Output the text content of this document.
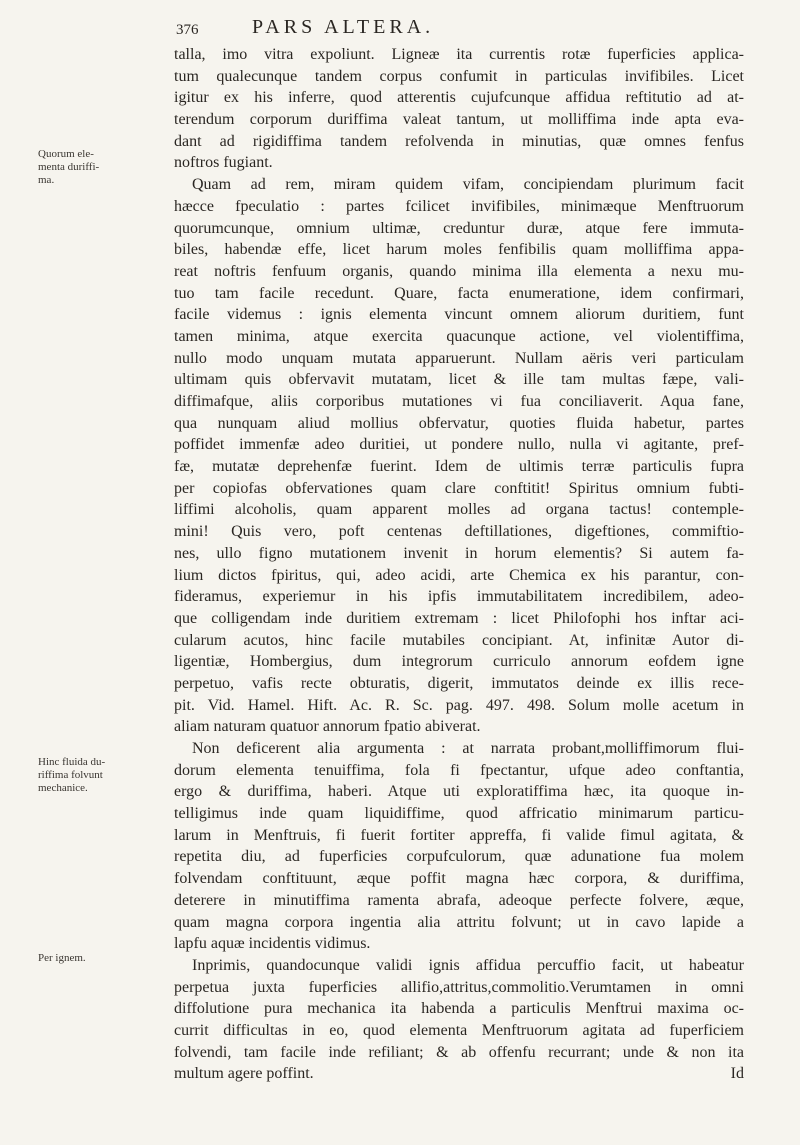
376	PARS ALTERA.
Quorum ele-
menta duriffi-
ma.
Hinc fluida du-
riffima folvunt
mechanice.
Per ignem.
talla, imo vitra expoliunt. Ligneæ ita currentis rotæ fuperficies applica-
tum qualecunque tandem corpus confumit in particulas invifibiles. Licet
igitur ex his inferre, quod atterentis cujufcunque affidua reftitutio ad at-
terendum corporum duriffima valeat tantum, ut molliffima inde apta eva-
dant ad rigidiffima tandem refolvenda in minutias, quæ omnes fenfus
noftros fugiant.
Quam ad rem, miram quidem vifam, concipiendam plurimum facit
hæcce fpeculatio : partes fcilicet invifibiles, minimæque Menftruorum
quorumcunque, omnium ultimæ, creduntur duræ, atque fere immuta-
biles, habendæ effe, licet harum moles fenfibilis quam molliffima appa-
reat noftris fenfuum organis, quando minima illa elementa a nexu mu-
tuo tam facile recedunt. Quare, facta enumeratione, idem confirmari,
facile videmus : ignis elementa vincunt omnem aliorum duritiem, funt
tamen minima, atque exercita quacunque actione, vel violentiffima,
nullo modo unquam mutata apparuerunt. Nullam aëris veri particulam
ultimam quis obfervavit mutatam, licet & ille tam multas fæpe, vali-
diffimafque, aliis corporibus mutationes vi fua conciliaverit. Aqua fane,
qua nunquam aliud mollius obfervatur, quoties fluida habetur, partes
poffidet immenfæ adeo duritiei, ut pondere nullo, nulla vi agitante, pref-
fæ, mutatæ deprehenfæ fuerint. Idem de ultimis terræ particulis fupra
per copiofas obfervationes quam clare conftitit! Spiritus omnium fubti-
liffimi alcoholis, quam apparent molles ad organa tactus! contemple-
mini! Quis vero, poft centenas deftillationes, digeftiones, commiftio-
nes, ullo figno mutationem invenit in horum elementis? Si autem fa-
lium dictos fpiritus, qui, adeo acidi, arte Chemica ex his parantur, con-
fideramus, experiemur in his ipfis immutabilitatem incredibilem, adeo-
que colligendam inde duritiem extremam : licet Philofophi hos inftar aci-
cularum acutos, hinc facile mutabiles concipiant. At, infinitæ Autor di-
ligentiæ, Hombergius, dum integrorum curriculo annorum eofdem igne
perpetuo, vafis recte obturatis, digerit, immutatos deinde ex illis rece-
pit. Vid. Hamel. Hift. Ac. R. Sc. pag. 497. 498. Solum molle acetum in
aliam naturam quatuor annorum fpatio abiverat.
Non deficerent alia argumenta : at narrata probant,molliffimorum flui-
dorum elementa tenuiffima, fola fi fpectantur, ufque adeo conftantia,
ergo & duriffima, haberi. Atque uti exploratiffima hæc, ita quoque in-
telligimus inde quam liquidiffime, quod affricatio minimarum particu-
larum in Menftruis, fi fuerit fortiter appreffa, fi valide fimul agitata, &
repetita diu, ad fuperficies corpufculorum, quæ adunatione fua molem
folvendam conftituunt, æque poffit magna hæc corpora, & duriffima,
deterere in minutiffima ramenta abrafa, adeoque perfecte folvere, æque,
quam magna corpora ingentia alia attritu folvunt; ut in cavo lapide a
lapfu aquæ incidentis vidimus.
Inprimis, quandocunque validi ignis affidua percuffio facit, ut habeatur
perpetua juxta fuperficies allifio,attritus,commolitio.Verumtamen in omni
diffolutione pura mechanica ita habenda a particulis Menftrui maxima oc-
currit difficultas in eo, quod elementa Menftruorum agitata ad fuperficiem
folvendi, tam facile inde refiliant; & ab offenfu recurrant; unde & non ita
multum agere poffint.	Id
